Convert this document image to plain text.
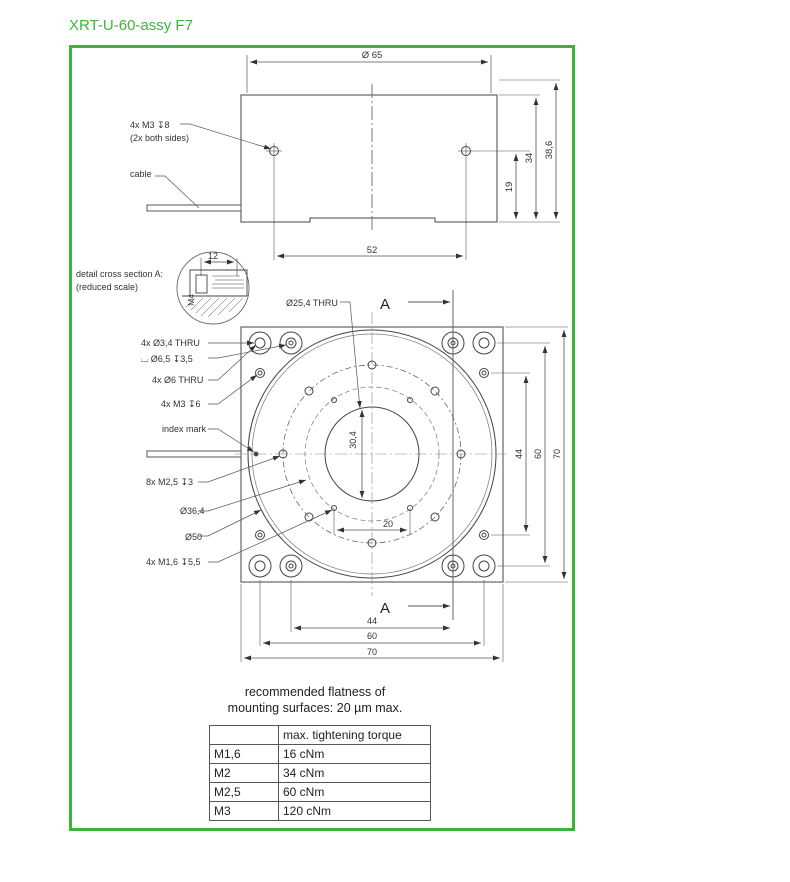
XRT-U-60-assy F7
Ø 65
52
19
34 38,6
4x M3 ↧8
(2x both sides)
cable
detail cross section A:
(reduced scale)
12
M4	Ø25,4 THRU	A
A
4x Ø3,4 THRU
⌴ Ø6,5 ↧3,5
4x Ø6 THRU
4x M3 ↧6
index mark
8x M2,5 ↧3
Ø36,4
Ø50
4x M1,6 ↧5,5
30,4
20
44
60
70
44 60 70
recommended flatness of
mounting surfaces: 20 µm max.
	max. tightening torque
M1,6	16 cNm
M2	34 cNm
M2,5	60 cNm
M3	120 cNm
